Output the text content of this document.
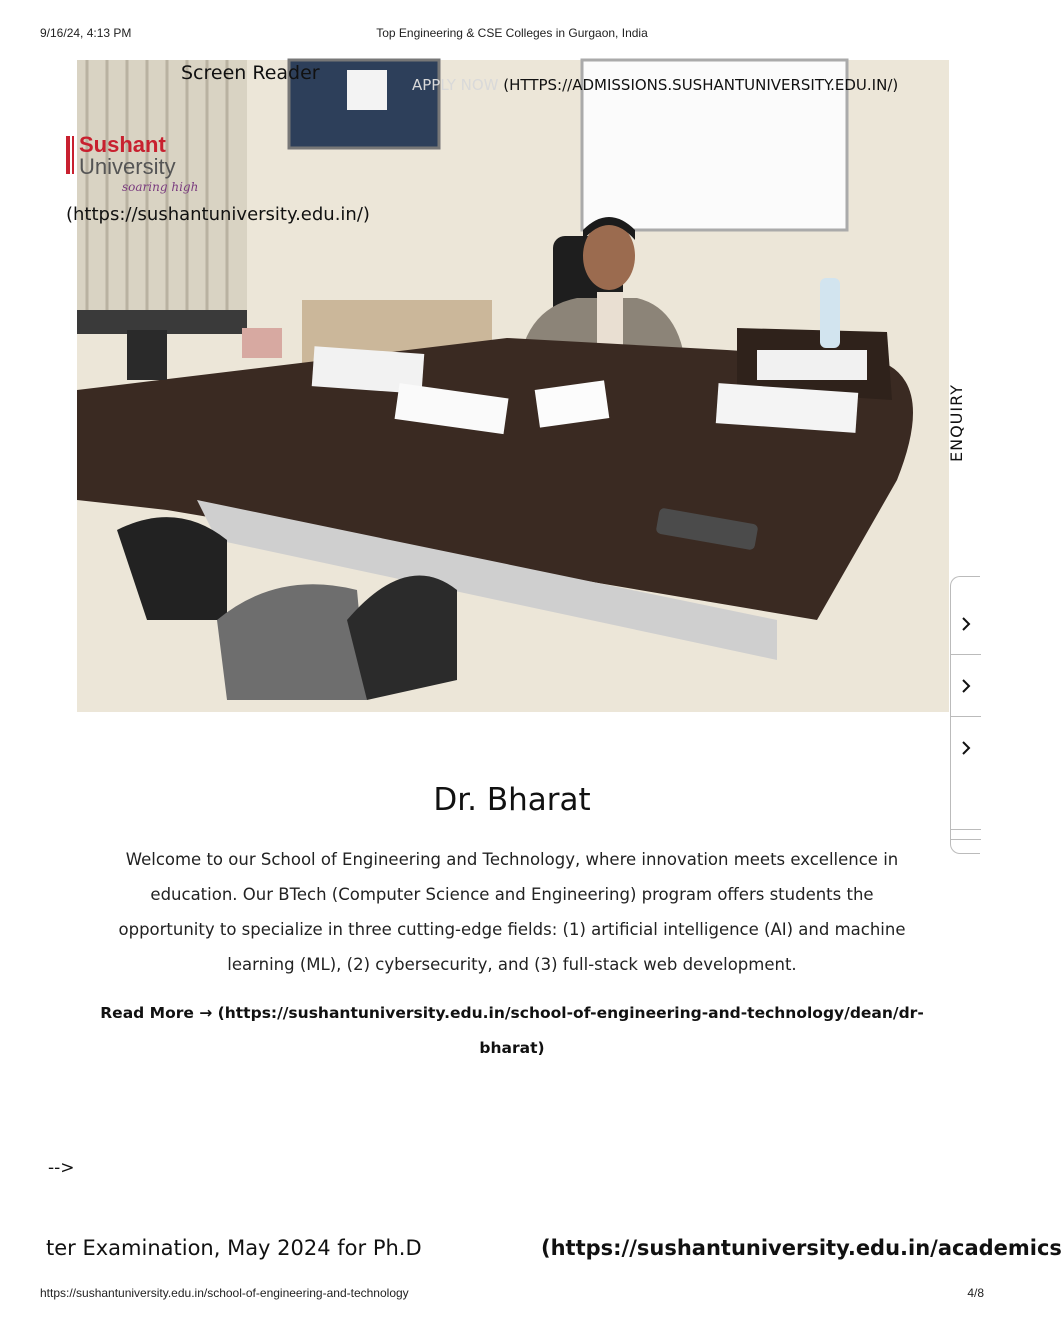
9/16/24, 4:13 PM	Top Engineering & CSE Colleges in Gurgaon, India
Screen Reader
APPLY NOW (HTTPS://ADMISSIONS.SUSHANTUNIVERSITY.EDU.IN/)
Sushant
University
soaring high
(https://sushantuniversity.edu.in/)
ENQUIRY
Dr. Bharat
Welcome to our School of Engineering and Technology, where innovation meets excellence in education. Our BTech (Computer Science and Engineering) program offers students the opportunity to specialize in three cutting-edge fields: (1) artificial intelligence (AI) and machine learning (ML), (2) cybersecurity, and (3) full-stack web development.
Read More → (https://sushantuniversity.edu.in/school-of-engineering-and-technology/dean/dr-bharat)
-->
ter Examination, May 2024 for Ph.D	(https://sushantuniversity.edu.in/academics
https://sushantuniversity.edu.in/school-of-engineering-and-technology	4/8
